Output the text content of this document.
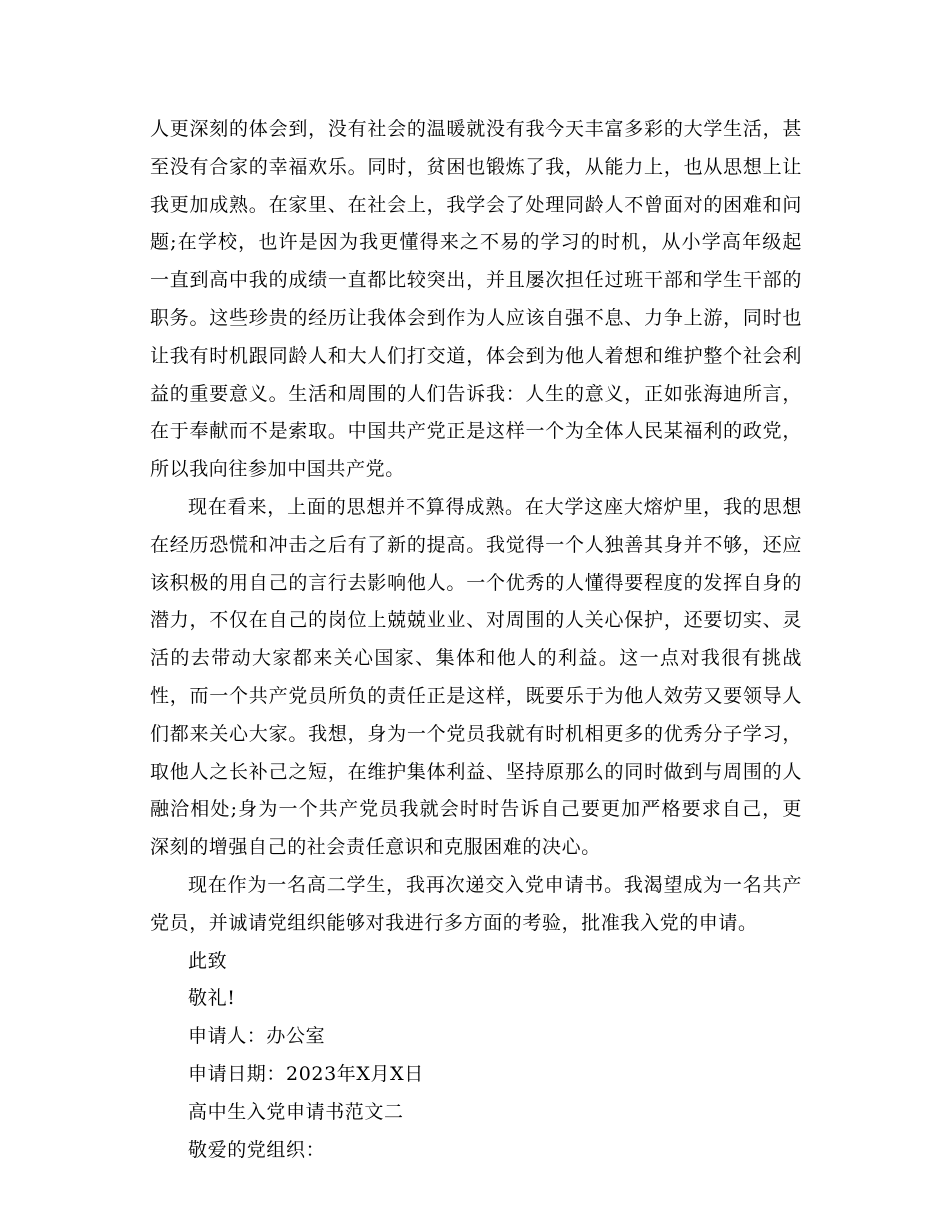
人更深刻的体会到，没有社会的温暖就没有我今天丰富多彩的大学生活，甚至没有合家的幸福欢乐。同时，贫困也锻炼了我，从能力上，也从思想上让我更加成熟。在家里、在社会上，我学会了处理同龄人不曾面对的困难和问题;在学校，也许是因为我更懂得来之不易的学习的时机，从小学高年级起一直到高中我的成绩一直都比较突出，并且屡次担任过班干部和学生干部的职务。这些珍贵的经历让我体会到作为人应该自强不息、力争上游，同时也让我有时机跟同龄人和大人们打交道，体会到为他人着想和维护整个社会利益的重要意义。生活和周围的人们告诉我：人生的意义，正如张海迪所言，在于奉献而不是索取。中国共产党正是这样一个为全体人民某福利的政党，所以我向往参加中国共产党。

现在看来，上面的思想并不算得成熟。在大学这座大熔炉里，我的思想在经历恐慌和冲击之后有了新的提高。我觉得一个人独善其身并不够，还应该积极的用自己的言行去影响他人。一个优秀的人懂得要程度的发挥自身的潜力，不仅在自己的岗位上兢兢业业、对周围的人关心保护，还要切实、灵活的去带动大家都来关心国家、集体和他人的利益。这一点对我很有挑战性，而一个共产党员所负的责任正是这样，既要乐于为他人效劳又要领导人们都来关心大家。我想，身为一个党员我就有时机相更多的优秀分子学习，取他人之长补己之短，在维护集体利益、坚持原那么的同时做到与周围的人融洽相处;身为一个共产党员我就会时时告诉自己要更加严格要求自己，更深刻的增强自己的社会责任意识和克服困难的决心。

现在作为一名高二学生，我再次递交入党申请书。我渴望成为一名共产党员，并诚请党组织能够对我进行多方面的考验，批准我入党的申请。

此致

敬礼!

申请人：办公室

申请日期：2023年X月X日

高中生入党申请书范文二

敬爱的党组织：
